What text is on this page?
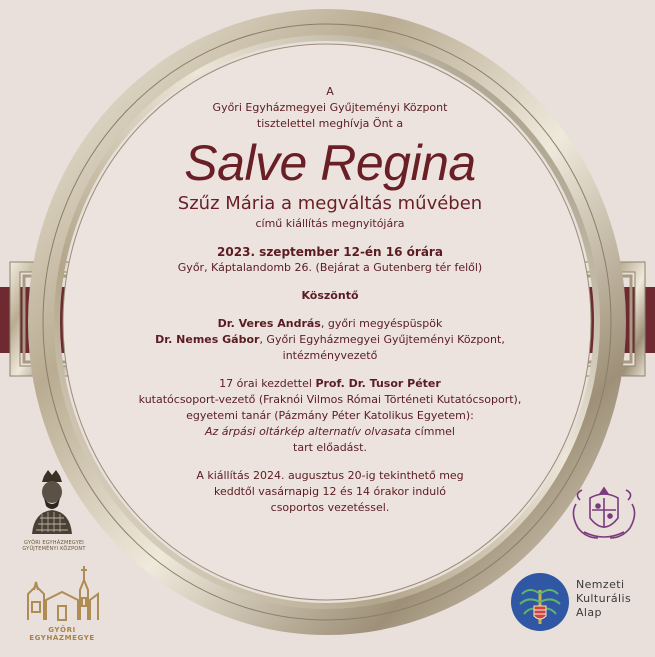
A
Győri Egyházmegyei Gyűjteményi Központ
tisztelettel meghívja Önt a
Salve Regina
Szűz Mária a megváltás művében
című kiállítás megnyitójára
2023. szeptember 12-én 16 órára
Győr, Káptalandomb 26. (Bejárat a Gutenberg tér felől)
Köszöntő
Dr. Veres András, győri megyéspüspök
Dr. Nemes Gábor, Győri Egyházmegyei Gyűjteményi Központ,
intézményvezető
17 órai kezdettel Prof. Dr. Tusor Péter
kutatócsoport-vezető (Fraknói Vilmos Római Történeti Kutatócsoport),
egyetemi tanár (Pázmány Péter Katolikus Egyetem):
Az árpási oltárkép alternatív olvasata címmel
tart előadást.
A kiállítás 2024. augusztus 20-ig tekinthető meg
keddtől vasárnapig 12 és 14 órakor induló
csoportos vezetéssel.
GYŐRI EGYHÁZMEGYEI
GYŰJTEMÉNYI KÖZPONT
GYŐRI EGYHÁZMEGYE
Nemzeti
Kulturális
Alap
